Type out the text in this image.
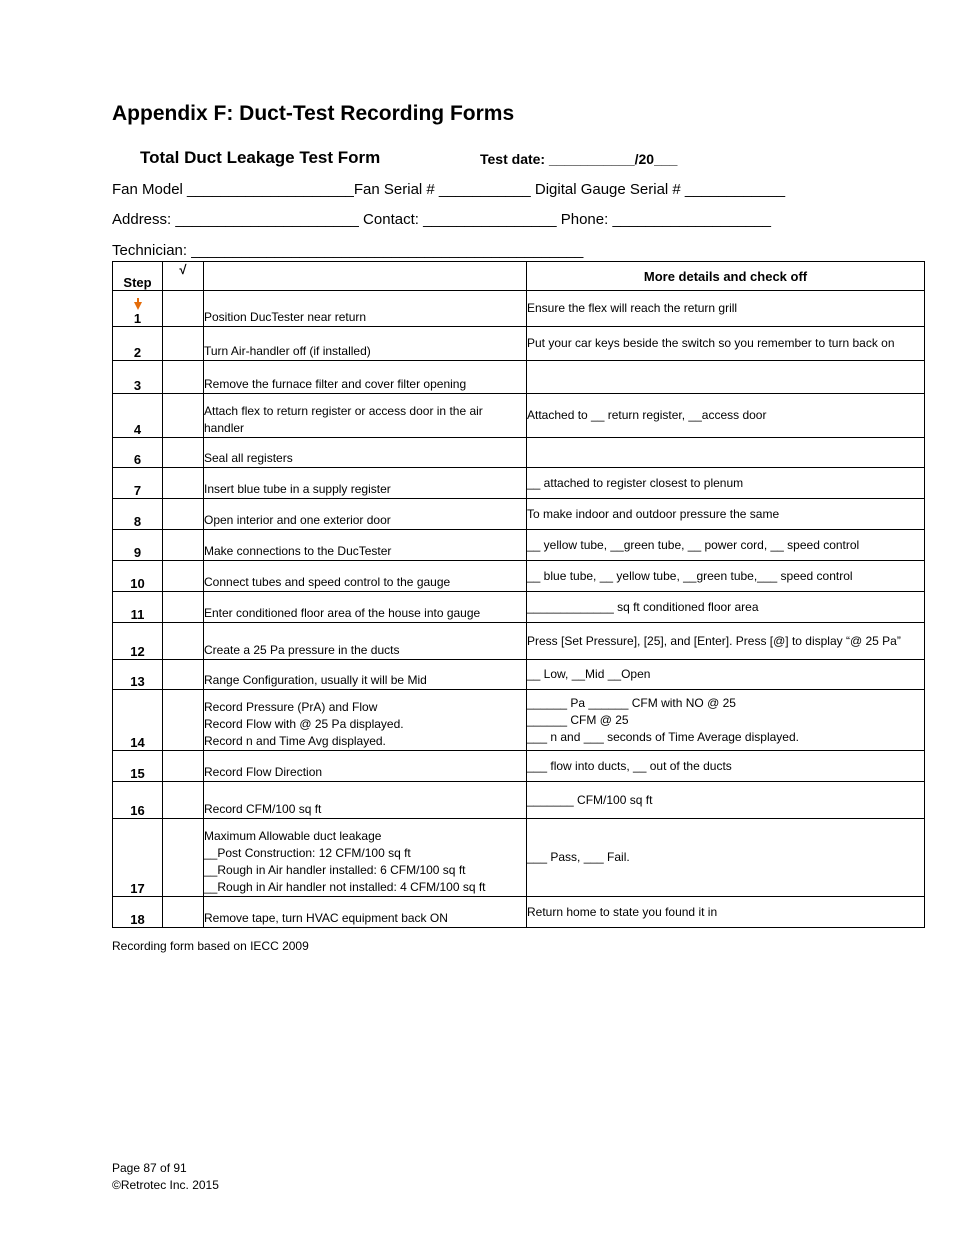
Appendix F: Duct-Test Recording Forms
Total Duct Leakage Test Form	Test date: ___________/20___
Fan Model ____________________Fan Serial # ___________ Digital Gauge Serial # ____________
Address: ______________________ Contact: ________________ Phone: ___________________
Technician: _______________________________________________
Step	√		More details and check off

1		Position DucTester near return	Ensure the flex will reach the return grill
2		Turn Air-handler off (if installed)	Put your car keys beside the switch so you remember to turn back on
3		Remove the furnace filter and cover filter opening	
4		Attach flex to return register or access door in the air handler	Attached to __ return register, __access door
6		Seal all registers	
7		Insert blue tube in a supply register	__ attached to register closest to plenum
8		Open interior and one exterior door	To make indoor and outdoor pressure the same
9		Make connections to the DucTester	__ yellow tube, __green tube, __ power cord, __ speed control
10		Connect tubes and speed control to the gauge	__ blue tube, __ yellow tube, __green tube,___ speed control
11		Enter conditioned floor area of the house into gauge	_____________ sq ft conditioned floor area
12		Create a 25 Pa pressure in the ducts	Press [Set Pressure], [25], and [Enter]. Press [@] to display “@ 25 Pa”
13		Range Configuration, usually it will be Mid	__ Low, __Mid __Open
14		Record Pressure (PrA) and Flow
Record Flow with @ 25 Pa displayed.
Record n and Time Avg displayed.	______ Pa ______ CFM with NO @ 25
______ CFM @ 25
___ n and ___ seconds of Time Average displayed.
15		Record Flow Direction	___ flow into ducts, __ out of the ducts
16		Record CFM/100 sq ft	_______ CFM/100 sq ft
17		Maximum Allowable duct leakage
__Post Construction: 12 CFM/100 sq ft
__Rough in Air handler installed: 6 CFM/100 sq ft
__Rough in Air handler not installed: 4 CFM/100 sq ft	___ Pass, ___ Fail.
18		Remove tape, turn HVAC equipment back ON	Return home to state you found it in
Recording form based on IECC 2009
Page 87 of 91
©Retrotec Inc. 2015
